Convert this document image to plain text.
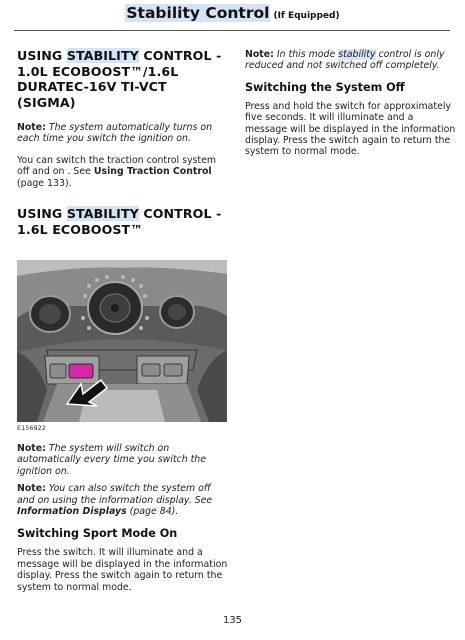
Stability Control (If Equipped)
USING STABILITY CONTROL - 1.0L ECOBOOST™/1.6L DURATEC-16V TI-VCT (SIGMA)

Note: The system automatically turns on each time you switch the ignition on.

You can switch the traction control system off and on . See Using Traction Control (page 133).

USING STABILITY CONTROL - 1.6L ECOBOOST™
E156922

Note: The system will switch on automatically every time you switch the ignition on.

Note: You can also switch the system off and on using the information display. See Information Displays (page 84).

Switching Sport Mode On

Press the switch. It will illuminate and a message will be displayed in the information display. Press the switch again to return the system to normal mode.

Note: In this mode stability control is only reduced and not switched off completely.

Switching the System Off

Press and hold the switch for approximately five seconds. It will illuminate and a message will be displayed in the information display. Press the switch again to return the system to normal mode.

135
